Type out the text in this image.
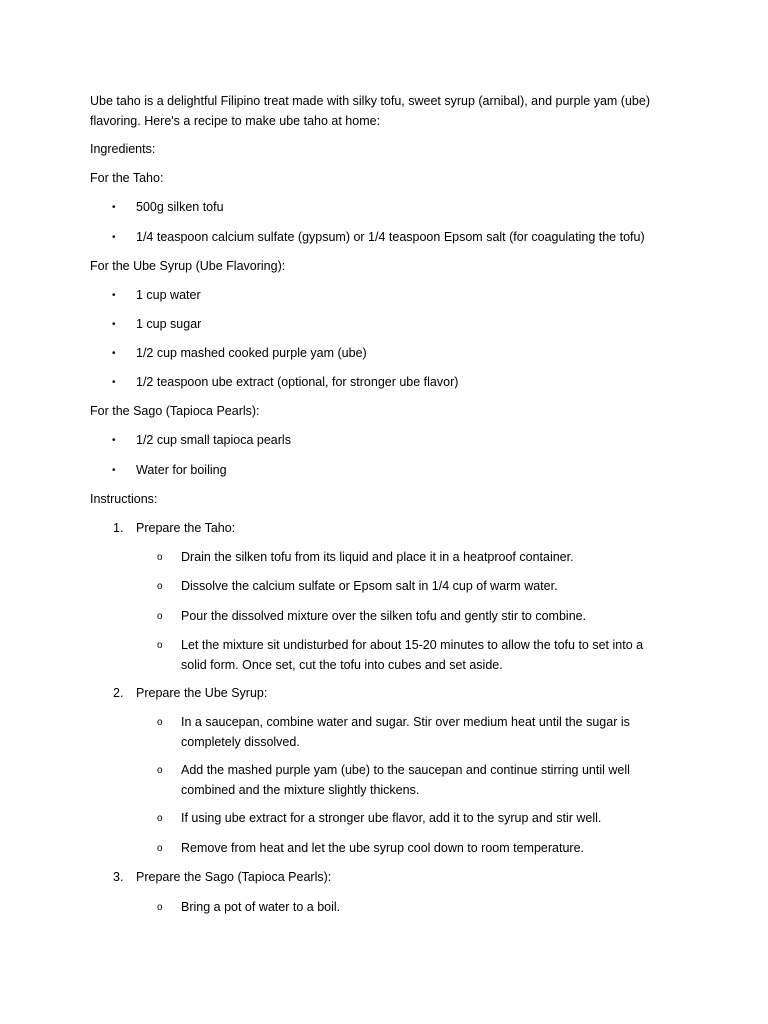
Ube taho is a delightful Filipino treat made with silky tofu, sweet syrup (arnibal), and purple yam (ube) flavoring. Here's a recipe to make ube taho at home:

Ingredients:

For the Taho:

• 500g silken tofu

• 1/4 teaspoon calcium sulfate (gypsum) or 1/4 teaspoon Epsom salt (for coagulating the tofu)

For the Ube Syrup (Ube Flavoring):

• 1 cup water

• 1 cup sugar

• 1/2 cup mashed cooked purple yam (ube)

• 1/2 teaspoon ube extract (optional, for stronger ube flavor)

For the Sago (Tapioca Pearls):

• 1/2 cup small tapioca pearls

• Water for boiling

Instructions:

1. Prepare the Taho:

o Drain the silken tofu from its liquid and place it in a heatproof container.

o Dissolve the calcium sulfate or Epsom salt in 1/4 cup of warm water.

o Pour the dissolved mixture over the silken tofu and gently stir to combine.

o Let the mixture sit undisturbed for about 15-20 minutes to allow the tofu to set into a solid form. Once set, cut the tofu into cubes and set aside.

2. Prepare the Ube Syrup:

o In a saucepan, combine water and sugar. Stir over medium heat until the sugar is completely dissolved.

o Add the mashed purple yam (ube) to the saucepan and continue stirring until well combined and the mixture slightly thickens.

o If using ube extract for a stronger ube flavor, add it to the syrup and stir well.

o Remove from heat and let the ube syrup cool down to room temperature.

3. Prepare the Sago (Tapioca Pearls):

o Bring a pot of water to a boil.
